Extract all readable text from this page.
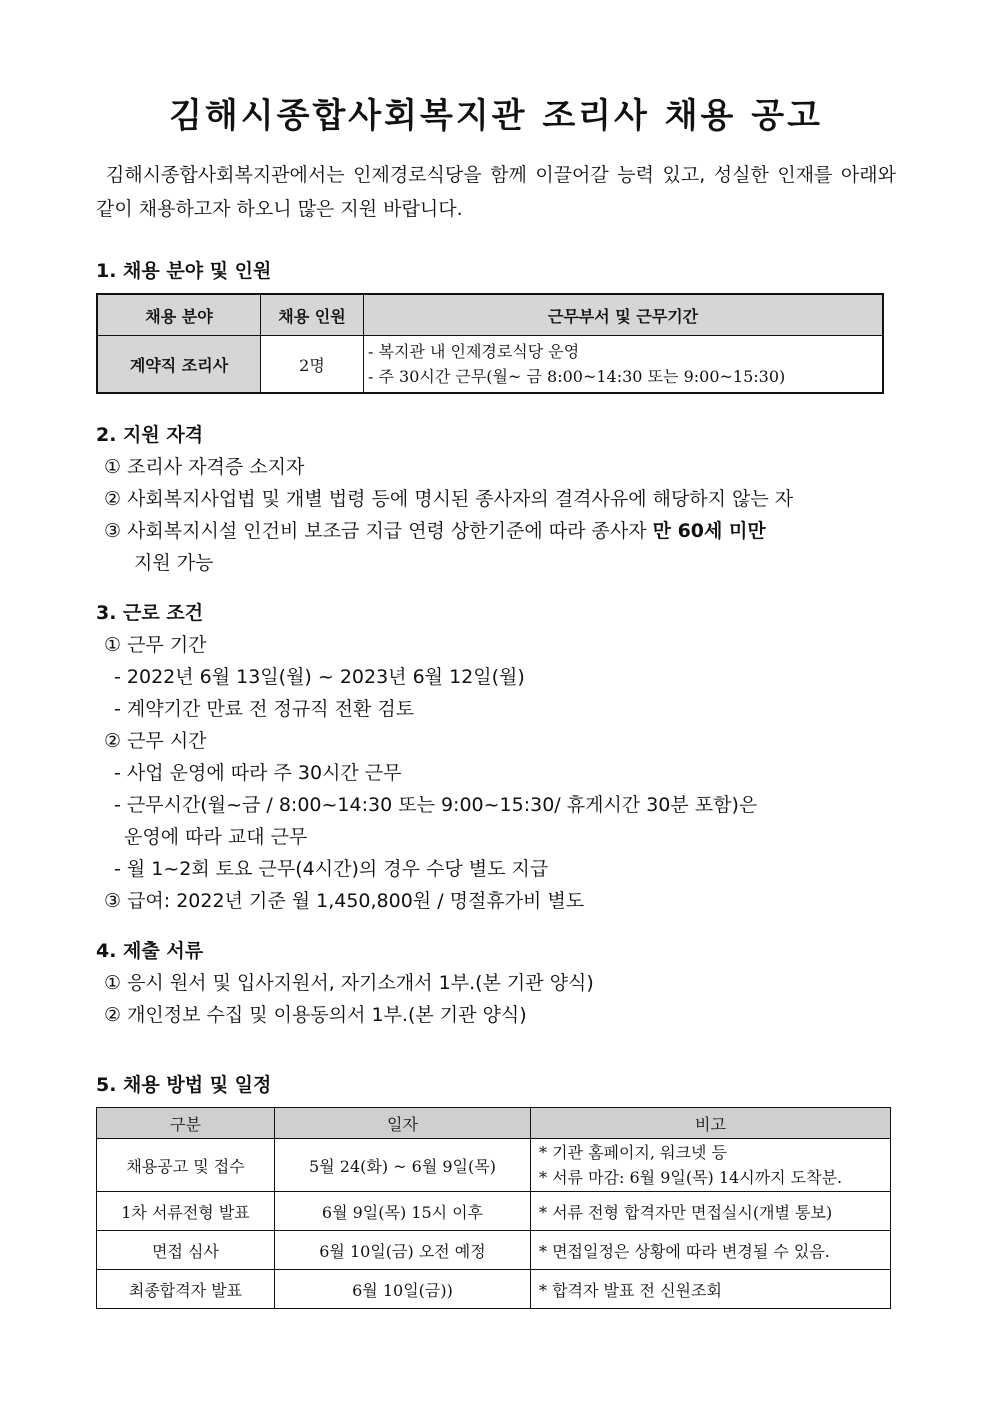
김해시종합사회복지관 조리사 채용 공고
김해시종합사회복지관에서는 인제경로식당을 함께 이끌어갈 능력 있고, 성실한 인재를 아래와 같이 채용하고자 하오니 많은 지원 바랍니다.
1. 채용 분야 및 인원
채용 분야	채용 인원	근무부서 및 근무기간
계약직 조리사	2명	- 복지관 내 인제경로식당 운영
- 주 30시간 근무(월~ 금 8:00~14:30 또는 9:00~15:30)
2. 지원 자격
① 조리사 자격증 소지자
② 사회복지사업법 및 개별 법령 등에 명시된 종사자의 결격사유에 해당하지 않는 자
③ 사회복지시설 인건비 보조금 지급 연령 상한기준에 따라 종사자 만 60세 미만
지원 가능
3. 근로 조건
① 근무 기간
- 2022년 6월 13일(월) ~ 2023년 6월 12일(월)
- 계약기간 만료 전 정규직 전환 검토
② 근무 시간
- 사업 운영에 따라 주 30시간 근무
- 근무시간(월~금 / 8:00~14:30 또는 9:00~15:30/ 휴게시간 30분 포함)은
운영에 따라 교대 근무
- 월 1~2회 토요 근무(4시간)의 경우 수당 별도 지급
③ 급여: 2022년 기준 월 1,450,800원 / 명절휴가비 별도
4. 제출 서류
① 응시 원서 및 입사지원서, 자기소개서 1부.(본 기관 양식)
② 개인정보 수집 및 이용동의서 1부.(본 기관 양식)
5. 채용 방법 및 일정
구분	일자	비고
채용공고 및 접수	5월 24(화) ~ 6월 9일(목)	* 기관 홈페이지, 워크넷 등
* 서류 마감: 6월 9일(목) 14시까지 도착분.

1차 서류전형 발표	6월 9일(목) 15시 이후	* 서류 전형 합격자만 면접실시(개별 통보)
면접 심사	6월 10일(금) 오전 예정	* 면접일정은 상황에 따라 변경될 수 있음.
최종합격자 발표	6월 10일(금))	* 합격자 발표 전 신원조회
